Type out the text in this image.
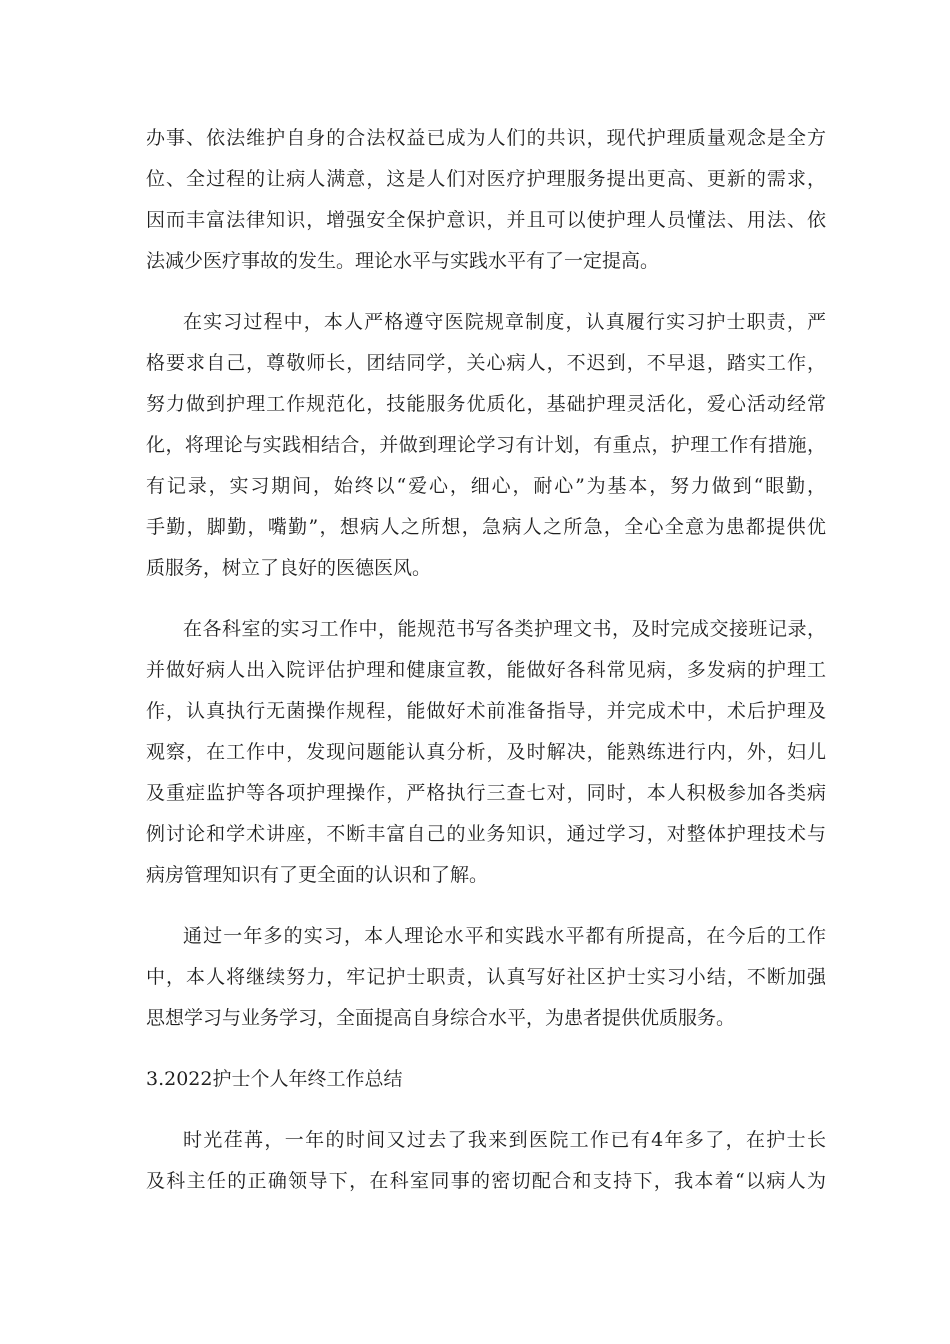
办事、依法维护自身的合法权益已成为人们的共识，现代护理质量观念是全方
位、全过程的让病人满意，这是人们对医疗护理服务提出更高、更新的需求，
因而丰富法律知识，增强安全保护意识，并且可以使护理人员懂法、用法、依
法减少医疗事故的发生。理论水平与实践水平有了一定提高。
在实习过程中，本人严格遵守医院规章制度，认真履行实习护士职责，严
格要求自己，尊敬师长，团结同学，关心病人，不迟到，不早退，踏实工作，
努力做到护理工作规范化，技能服务优质化，基础护理灵活化，爱心活动经常
化，将理论与实践相结合，并做到理论学习有计划，有重点，护理工作有措施，
有记录，实习期间，始终以“爱心，细心，耐心”为基本，努力做到“眼勤，
手勤，脚勤，嘴勤”，想病人之所想，急病人之所急，全心全意为患都提供优
质服务，树立了良好的医德医风。
在各科室的实习工作中，能规范书写各类护理文书，及时完成交接班记录，
并做好病人出入院评估护理和健康宣教，能做好各科常见病，多发病的护理工
作，认真执行无菌操作规程，能做好术前准备指导，并完成术中，术后护理及
观察，在工作中，发现问题能认真分析，及时解决，能熟练进行内，外，妇儿
及重症监护等各项护理操作，严格执行三查七对，同时，本人积极参加各类病
例讨论和学术讲座，不断丰富自己的业务知识，通过学习，对整体护理技术与
病房管理知识有了更全面的认识和了解。
通过一年多的实习，本人理论水平和实践水平都有所提高，在今后的工作
中，本人将继续努力，牢记护士职责，认真写好社区护士实习小结，不断加强
思想学习与业务学习，全面提高自身综合水平，为患者提供优质服务。
3.2022护士个人年终工作总结
时光荏苒，一年的时间又过去了我来到医院工作已有4年多了，在护士长
及科主任的正确领导下，在科室同事的密切配合和支持下，我本着“以病人为
